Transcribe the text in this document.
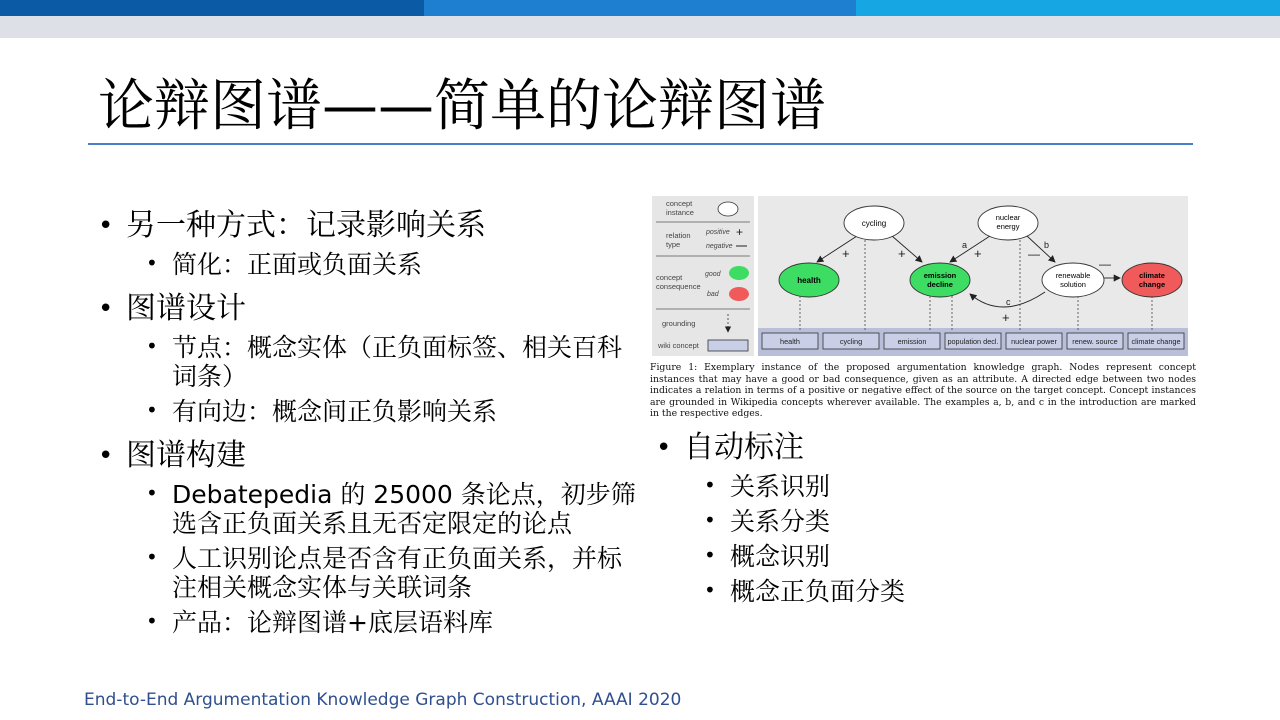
论辩图谱——简单的论辩图谱
• 另一种方式：记录影响关系
• 简化：正面或负面关系
• 图谱设计
• 节点：概念实体（正负面标签、相关百科词条）
• 有向边：概念间正负影响关系
• 图谱构建
• Debatepedia 的 25000 条论点，初步筛选含正负面关系且无否定限定的论点
• 人工识别论点是否含有正负面关系，并标注相关概念实体与关联词条
• 产品：论辩图谱+底层语料库
concept instance
relation type
positive +
negative
concept consequence
good
bad
grounding
wiki concept
+	+
a
+
b
—
—
c
+
cycling
nuclear energy
health
emission decline
renewable solution
climate change
health	cycling	emission	population decl. nuclear power renew. source climate change
Figure 1: Exemplary instance of the proposed argumentation knowledge graph. Nodes represent concept instances that may have a good or bad consequence, given as an attribute. A directed edge between two nodes indicates a relation in terms of a positive or negative effect of the source on the target concept. Concept instances are grounded in Wikipedia concepts wherever available. The examples a, b, and c in the introduction are marked in the respective edges.
• 自动标注
• 关系识别
• 关系分类
• 概念识别
• 概念正负面分类
End-to-End Argumentation Knowledge Graph Construction, AAAI 2020
